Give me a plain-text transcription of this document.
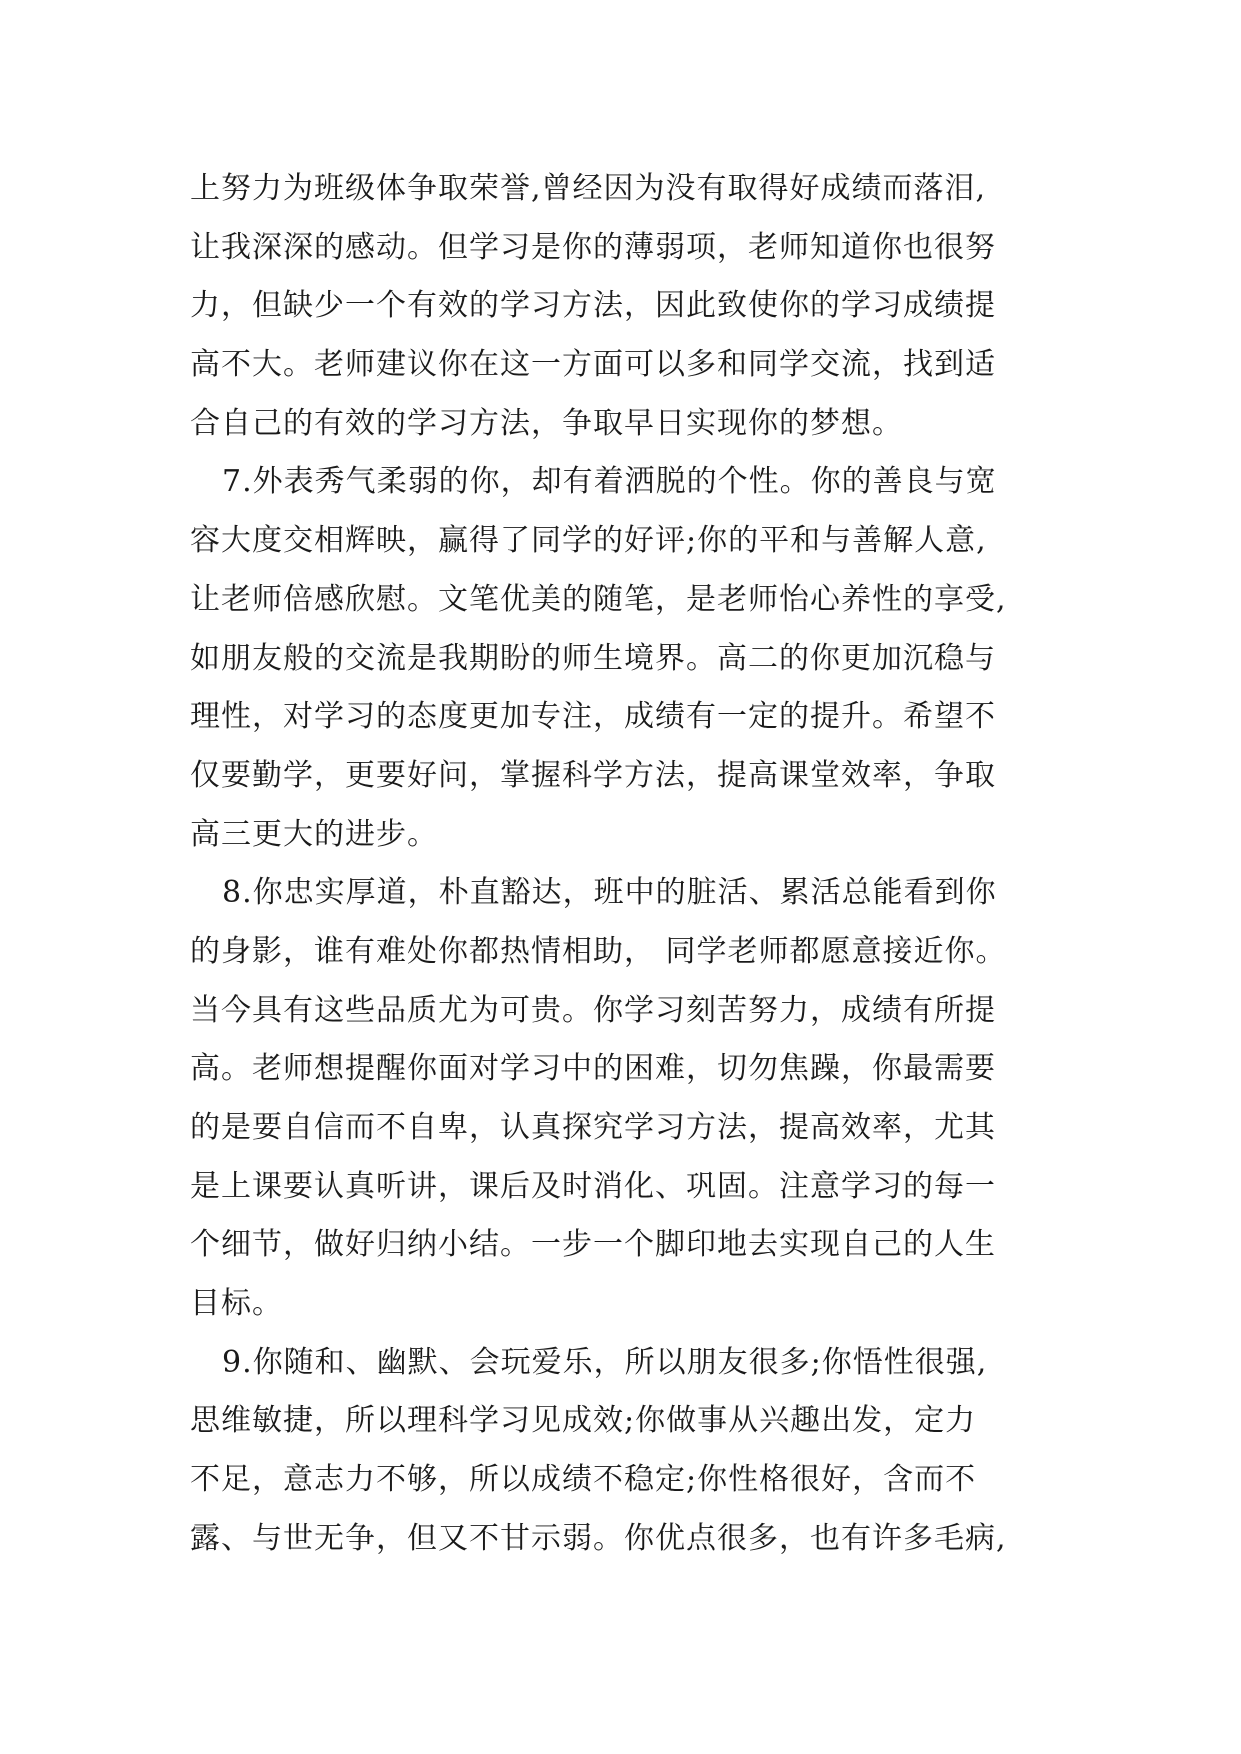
上努力为班级体争取荣誉,曾经因为没有取得好成绩而落泪,
让我深深的感动。但学习是你的薄弱项，老师知道你也很努
力，但缺少一个有效的学习方法，因此致使你的学习成绩提
高不大。老师建议你在这一方面可以多和同学交流，找到适
合自己的有效的学习方法，争取早日实现你的梦想。
7.外表秀气柔弱的你，却有着洒脱的个性。你的善良与宽
容大度交相辉映，赢得了同学的好评;你的平和与善解人意,
让老师倍感欣慰。文笔优美的随笔，是老师怡心养性的享受,
如朋友般的交流是我期盼的师生境界。高二的你更加沉稳与
理性，对学习的态度更加专注，成绩有一定的提升。希望不
仅要勤学，更要好问，掌握科学方法，提高课堂效率，争取
高三更大的进步。
8.你忠实厚道，朴直豁达，班中的脏活、累活总能看到你
的身影，谁有难处你都热情相助， 同学老师都愿意接近你。
当今具有这些品质尤为可贵。你学习刻苦努力，成绩有所提
高。老师想提醒你面对学习中的困难，切勿焦躁，你最需要
的是要自信而不自卑，认真探究学习方法，提高效率，尤其
是上课要认真听讲，课后及时消化、巩固。注意学习的每一
个细节，做好归纳小结。一步一个脚印地去实现自己的人生
目标。
9.你随和、幽默、会玩爱乐，所以朋友很多;你悟性很强,
思维敏捷，所以理科学习见成效;你做事从兴趣出发，定力
不足，意志力不够，所以成绩不稳定;你性格很好，含而不
露、与世无争，但又不甘示弱。你优点很多，也有许多毛病,
